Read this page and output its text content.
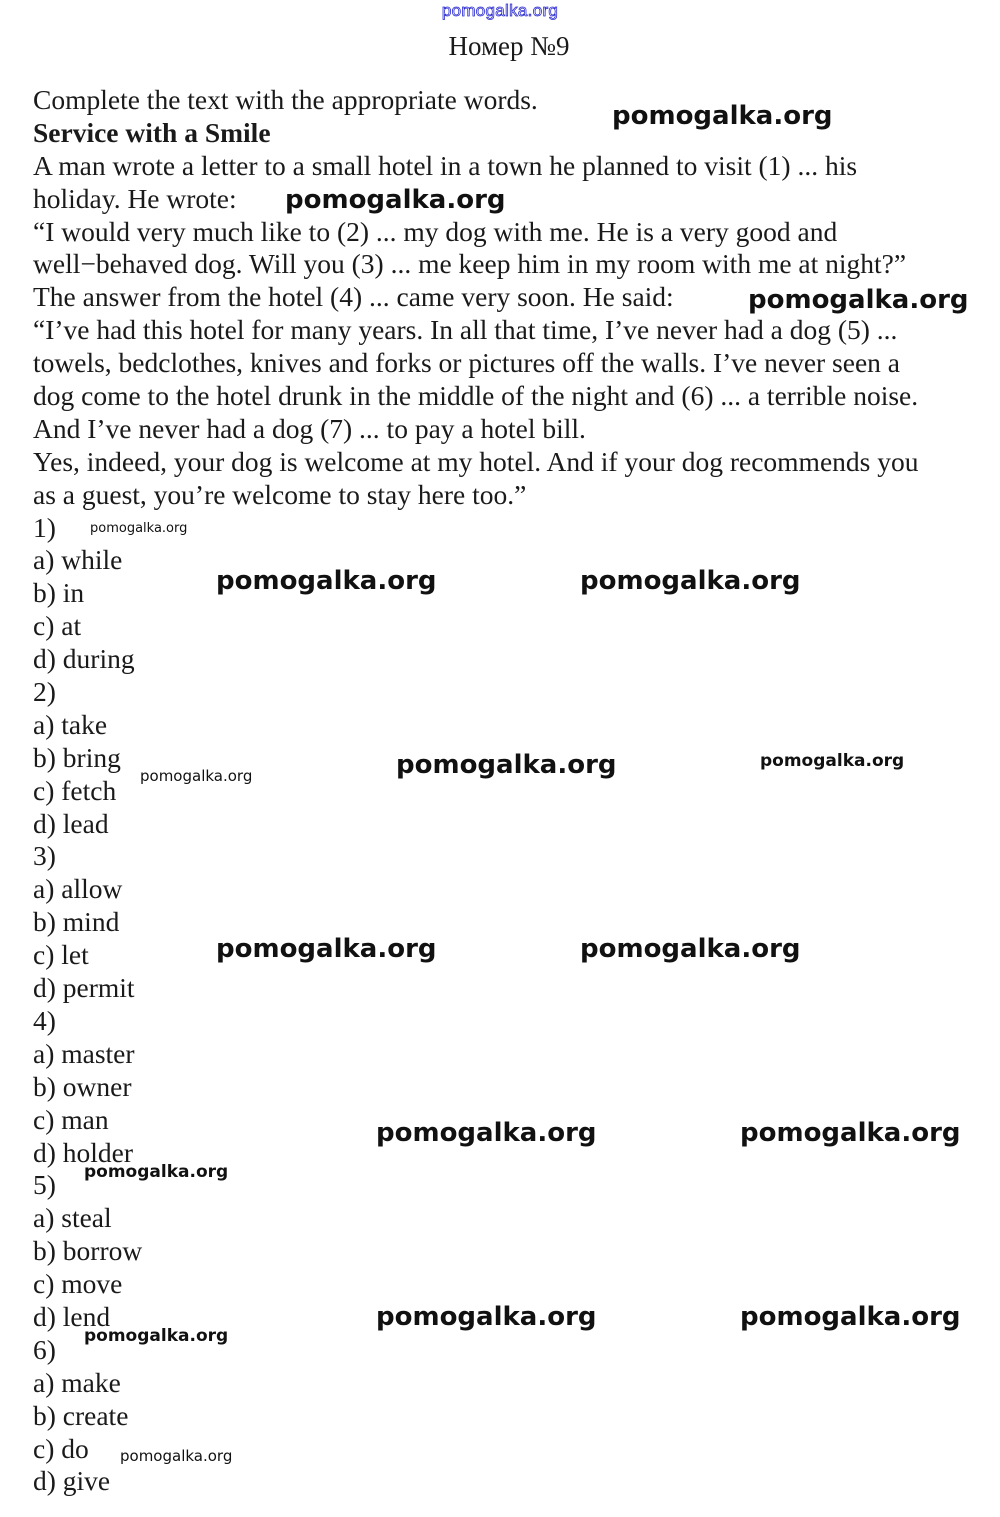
pomogalka.org
Номер №9
Complete the text with the appropriate words.
Service with a Smile
A man wrote a letter to a small hotel in a town he planned to visit (1) ... his
holiday. He wrote:
“I would very much like to (2) ... my dog with me. He is a very good and
well−behaved dog. Will you (3) ... me keep him in my room with me at night?”
The answer from the hotel (4) ... came very soon. He said:
“I’ve had this hotel for many years. In all that time, I’ve never had a dog (5) ...
towels, bedclothes, knives and forks or pictures off the walls. I’ve never seen a
dog come to the hotel drunk in the middle of the night and (6) ... a terrible noise.
And I’ve never had a dog (7) ... to pay a hotel bill.
Yes, indeed, your dog is welcome at my hotel. And if your dog recommends you
as a guest, you’re welcome to stay here too.”
1)
a) while
b) in
c) at
d) during
2)
a) take
b) bring
c) fetch
d) lead
3)
a) allow
b) mind
c) let
d) permit
4)
a) master
b) owner
c) man
d) holder
5)
a) steal
b) borrow
c) move
d) lend
6)
a) make
b) create
c) do
d) give
pomogalka.org
pomogalka.org
pomogalka.org
pomogalka.org
pomogalka.org	pomogalka.org
pomogalka.org	pomogalka.org	pomogalka.org
pomogalka.org	pomogalka.org
pomogalka.org	pomogalka.org
pomogalka.org
pomogalka.org	pomogalka.org
pomogalka.org
pomogalka.org
